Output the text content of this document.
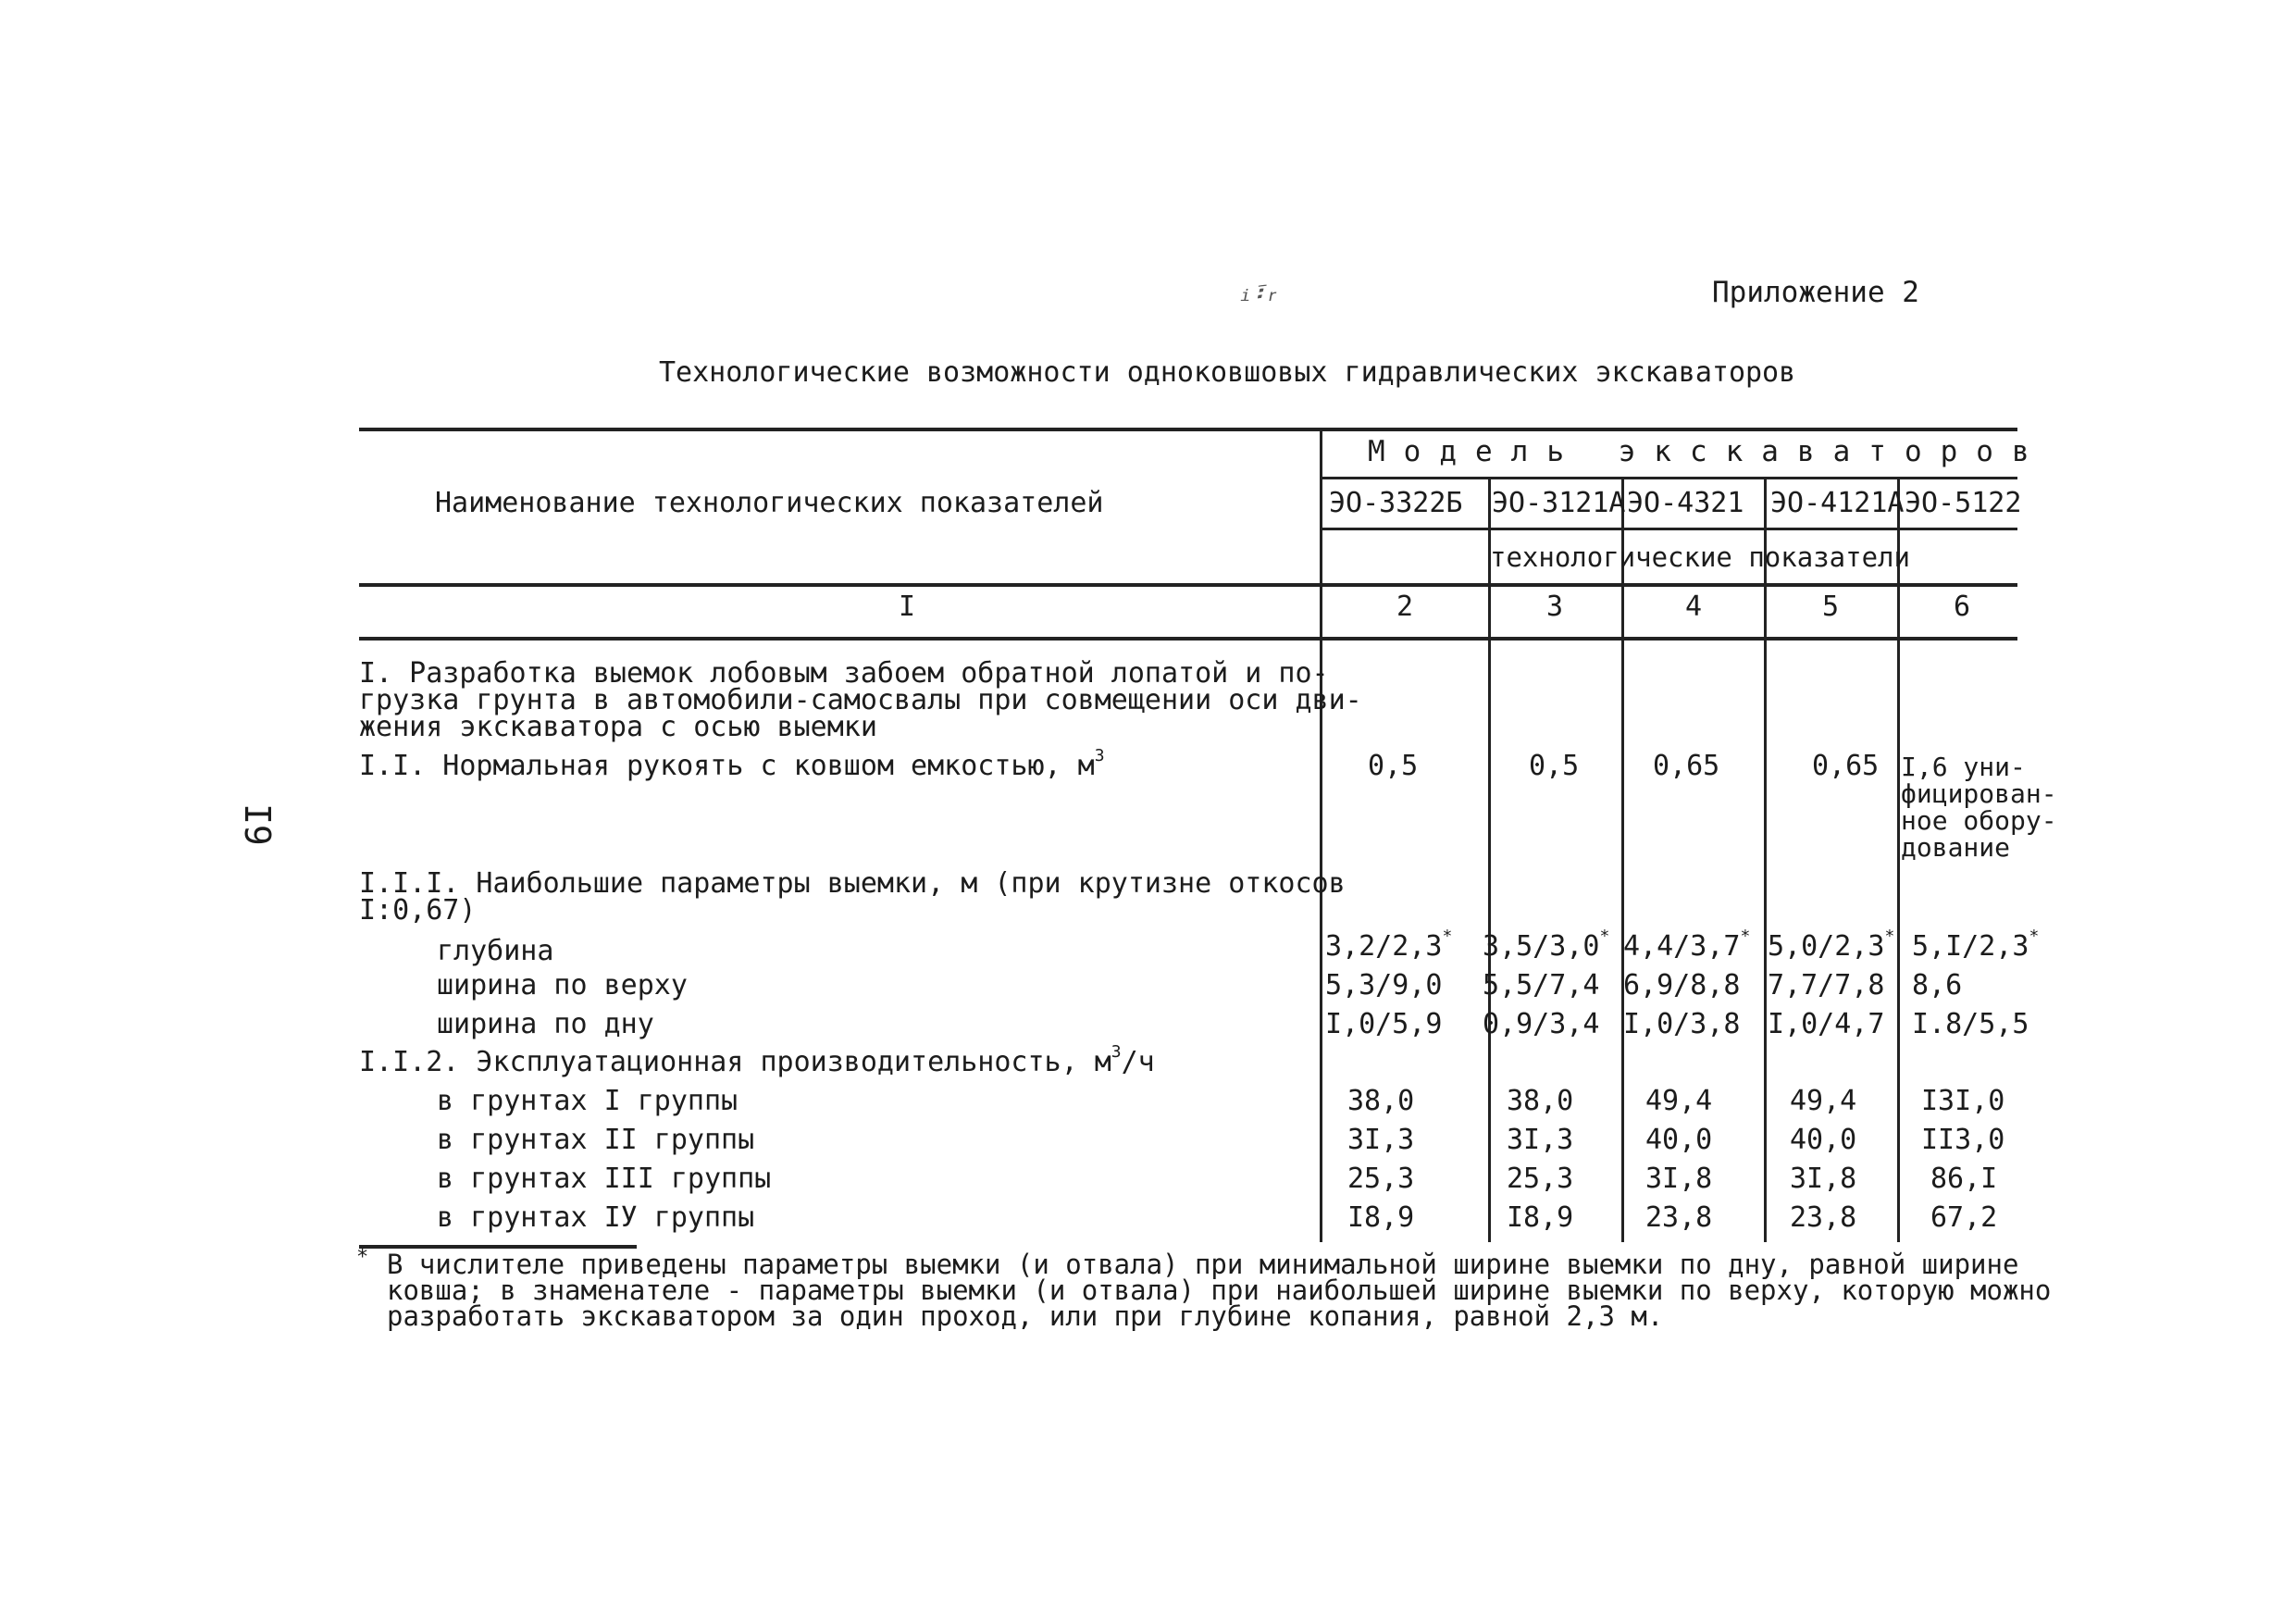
ᵢ፣ᵣ	Приложение 2
Технологические возможности одноковшовых гидравлических экскаваторов
I9
Наименование технологических показателей
Модель экскаваторов
ЭО-3322Б ЭО-3121А ЭО-4321 ЭО-4121А ЭО-5122
технологические показатели
I	2	3	4	5	6
I. Разработка выемок лобовым забоем обратной лопатой и по-
грузка грунта в автомобили-самосвалы при совмещении оси дви-
жения экскаватора с осью выемки
I.I. Нормальная рукоять с ковшом емкостью, $м^3$	0,5	0,5	0,65	0,65 I,6 уни-
фицирован-
ное обору-
дование
I.I.I. Наибольшие параметры выемки, м (при крутизне откосов
I:0,67)
глубина	3,2/2,3* 3,5/3,0* 4,4/3,7* 5,0/2,3* 5,I/2,3*
ширина по верху	5,3/9,0 5,5/7,4 6,9/8,8 7,7/7,8 8,6
ширина по дну	I,0/5,9 0,9/3,4 I,0/3,8 I,0/4,7 I.8/5,5
I.I.2. Эксплуатационная производительность, $м^3/ч$
в грунтах I группы	38,0	38,0	49,4	49,4 I3I,0
в грунтах II группы	3I,3	3I,3	40,0	40,0 II3,0
в грунтах III группы	25,3	25,3	3I,8	3I,8	86,I
в грунтах IУ группы	I8,9	I8,9	23,8	23,8	67,2
* В числителе приведены параметры выемки (и отвала) при минимальной ширине выемки по дну, равной ширине ковша; в знаменателе - параметры выемки (и отвала) при наибольшей ширине выемки по верху, которую можно разработать экскаватором за один проход, или при глубине копания, равной 2,3 м.
